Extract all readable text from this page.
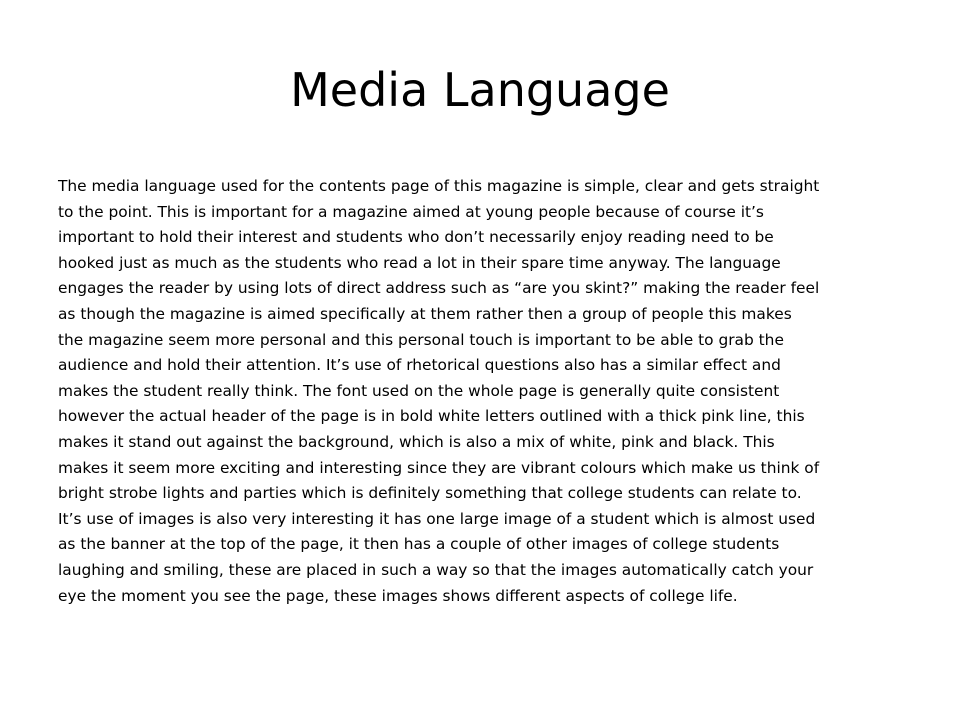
Media Language
The media language used for the contents page of this magazine is simple, clear and gets straight
to the point. This is important for a magazine aimed at young people because of course it’s
important to hold their interest and students who don’t necessarily enjoy reading need to be
hooked just as much as the students who read a lot in their spare time anyway. The language
engages the reader by using lots of direct address such as “are you skint?” making the reader feel
as though the magazine is aimed specifically at them rather then a group of people this makes
the magazine seem more personal and this personal touch is important to be able to grab the
audience and hold their attention. It’s use of rhetorical questions also has a similar effect and
makes the student really think. The font used on the whole page is generally quite consistent
however the actual header of the page is in bold white letters outlined with a thick pink line, this
makes it stand out against the background, which is also a mix of white, pink and black. This
makes it seem more exciting and interesting since they are vibrant colours which make us think of
bright strobe lights and parties which is definitely something that college students can relate to.
It’s use of images is also very interesting it has one large image of a student which is almost used
as the banner at the top of the page, it then has a couple of other images of college students
laughing and smiling, these are placed in such a way so that the images automatically catch your
eye the moment you see the page, these images shows different aspects of college life.
